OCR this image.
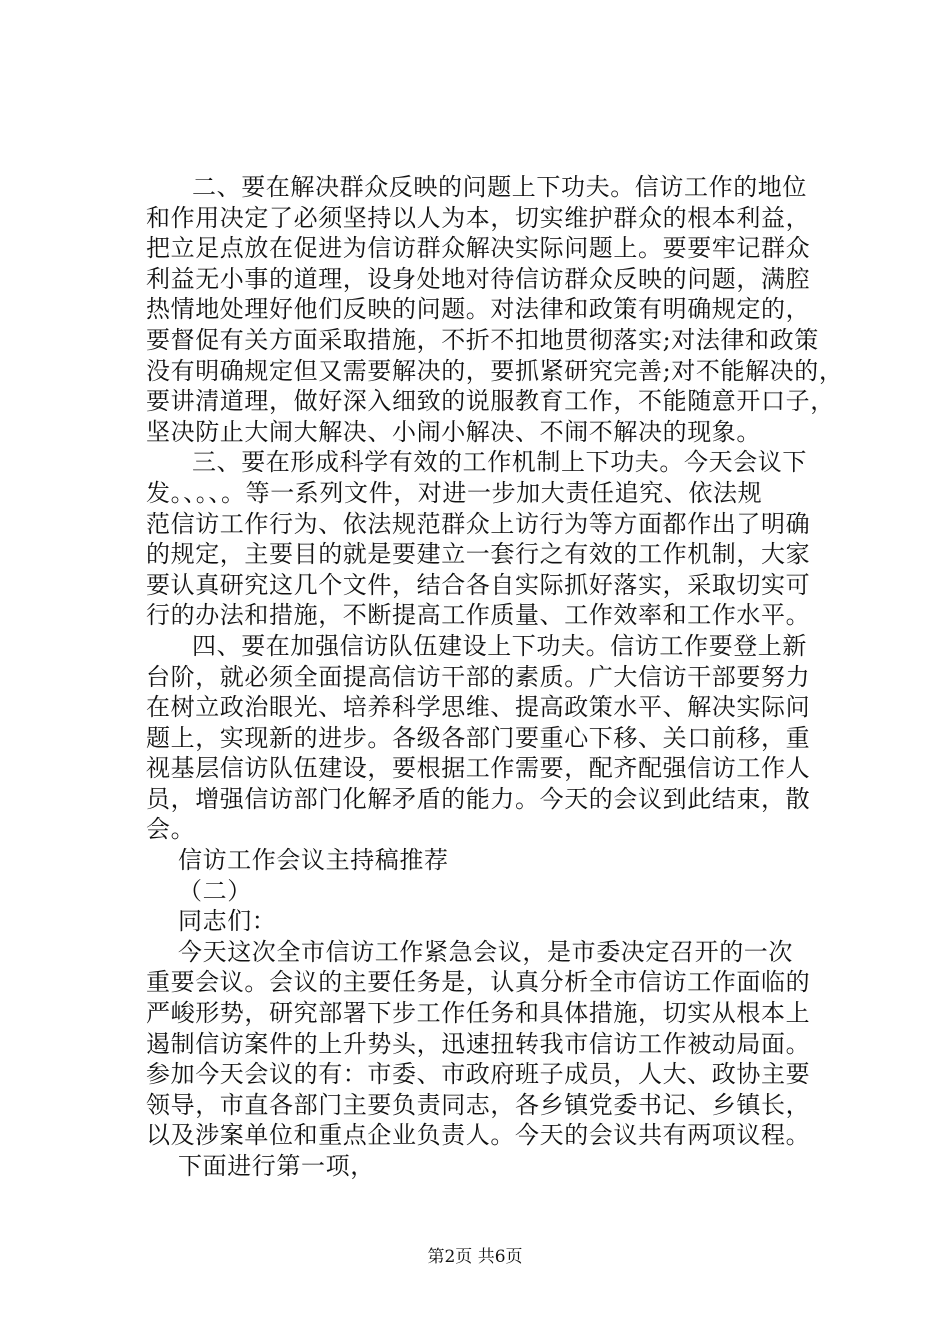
二、要在解决群众反映的问题上下功夫。信访工作的地位
和作用决定了必须坚持以人为本，切实维护群众的根本利益，
把立足点放在促进为信访群众解决实际问题上。要要牢记群众
利益无小事的道理，设身处地对待信访群众反映的问题，满腔
热情地处理好他们反映的问题。对法律和政策有明确规定的，
要督促有关方面采取措施，不折不扣地贯彻落实;对法律和政策
没有明确规定但又需要解决的，要抓紧研究完善;对不能解决的，
要讲清道理，做好深入细致的说服教育工作，不能随意开口子，
坚决防止大闹大解决、小闹小解决、不闹不解决的现象。
三、要在形成科学有效的工作机制上下功夫。今天会议下
发。、。、。等一系列文件，对进一步加大责任追究、依法规
范信访工作行为、依法规范群众上访行为等方面都作出了明确
的规定，主要目的就是要建立一套行之有效的工作机制，大家
要认真研究这几个文件，结合各自实际抓好落实，采取切实可
行的办法和措施，不断提高工作质量、工作效率和工作水平。
四、要在加强信访队伍建设上下功夫。信访工作要登上新
台阶，就必须全面提高信访干部的素质。广大信访干部要努力
在树立政治眼光、培养科学思维、提高政策水平、解决实际问
题上，实现新的进步。各级各部门要重心下移、关口前移，重
视基层信访队伍建设，要根据工作需要，配齐配强信访工作人
员，增强信访部门化解矛盾的能力。今天的会议到此结束，散
会。
信访工作会议主持稿推荐
（二）
同志们：
今天这次全市信访工作紧急会议，是市委决定召开的一次
重要会议。会议的主要任务是，认真分析全市信访工作面临的
严峻形势，研究部署下步工作任务和具体措施，切实从根本上
遏制信访案件的上升势头，迅速扭转我市信访工作被动局面。
参加今天会议的有：市委、市政府班子成员，人大、政协主要
领导，市直各部门主要负责同志，各乡镇党委书记、乡镇长，
以及涉案单位和重点企业负责人。今天的会议共有两项议程。
下面进行第一项，
第2页 共6页
